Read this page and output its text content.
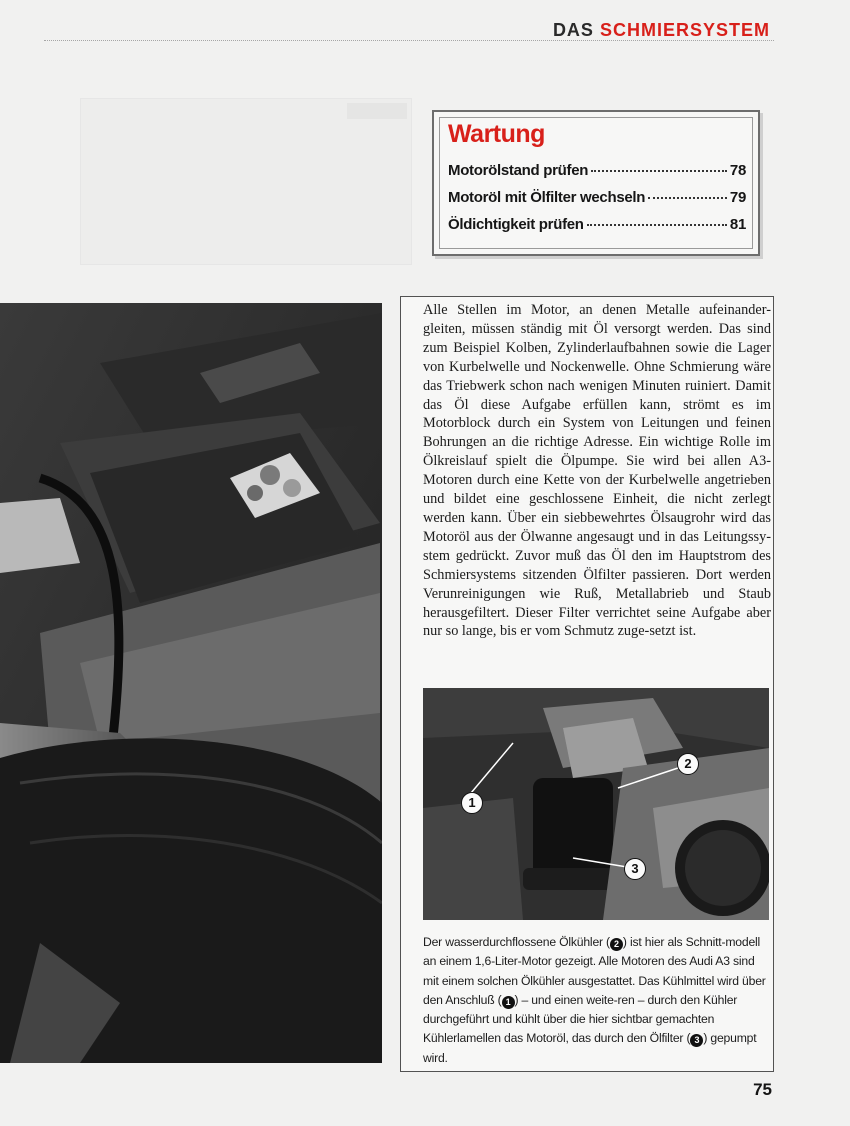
DAS SCHMIERSYSTEM
Wartung
Motorölstand prüfen	78
Motoröl mit Ölfilter wechseln	79
Öldichtigkeit prüfen	81

Alle Stellen im Motor, an denen Metalle aufeinander-gleiten, müssen ständig mit Öl versorgt werden. Das sind zum Beispiel Kolben, Zylinderlaufbahnen sowie die Lager von Kurbelwelle und Nockenwelle. Ohne Schmierung wäre das Triebwerk schon nach wenigen Minuten ruiniert. Damit das Öl diese Aufgabe erfüllen kann, strömt es im Motorblock durch ein System von Leitungen und feinen Bohrungen an die richtige Adresse. Ein wichtige Rolle im Ölkreislauf spielt die Ölpumpe. Sie wird bei allen A3-Motoren durch eine Kette von der Kurbelwelle angetrieben und bildet eine geschlossene Einheit, die nicht zerlegt werden kann. Über ein siebbewehrtes Ölsaugrohr wird das Motoröl aus der Ölwanne angesaugt und in das Leitungssy-stem gedrückt. Zuvor muß das Öl den im Hauptstrom des Schmiersystems sitzenden Ölfilter passieren. Dort werden Verunreinigungen wie Ruß, Metallabrieb und Staub herausgefiltert. Dieser Filter verrichtet seine Aufgabe aber nur so lange, bis er vom Schmutz zuge-setzt ist.

1
2
3

Der wasserdurchflossene Ölkühler ( 2 ) ist hier als Schnitt-modell an einem 1,6-Liter-Motor gezeigt. Alle Motoren des Audi A3 sind mit einem solchen Ölkühler ausgestattet. Das Kühlmittel wird über den Anschluß ( 1 ) – und einen weite-ren – durch den Kühler durchgeführt und kühlt über die hier sichtbar gemachten Kühlerlamellen das Motoröl, das durch den Ölfilter ( 3 ) gepumpt wird.

75
